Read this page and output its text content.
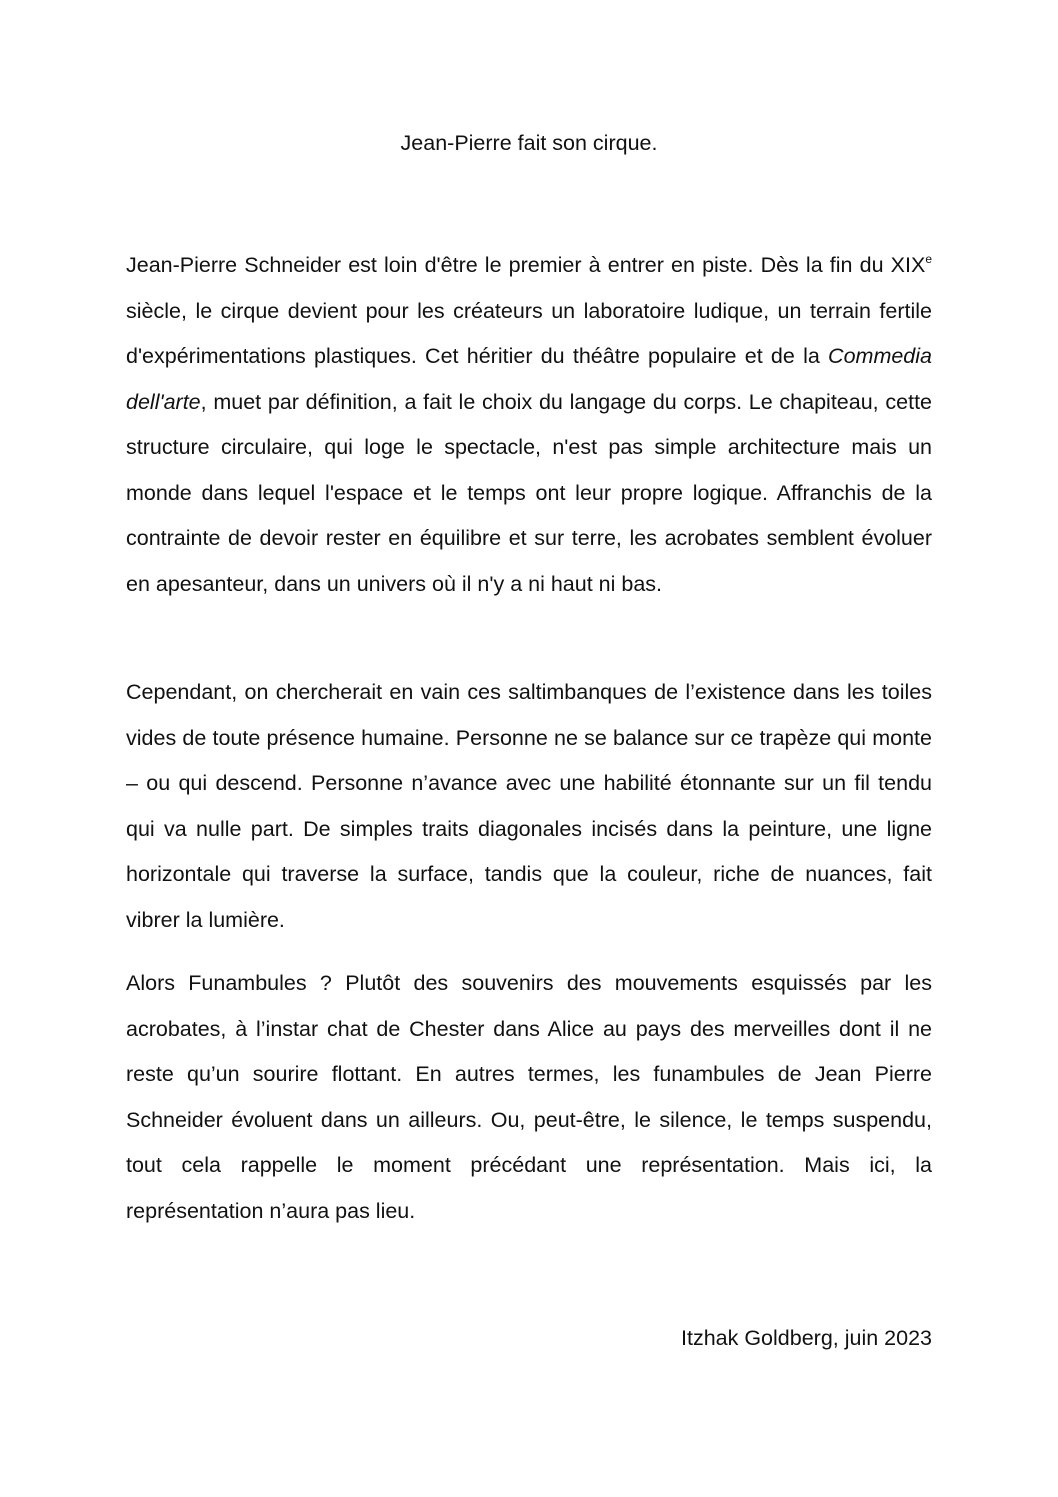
Jean-Pierre fait son cirque.

Jean-Pierre Schneider est loin d'être le premier à entrer en piste. Dès la fin du XIXe siècle, le cirque devient pour les créateurs un laboratoire ludique, un terrain fertile d'expérimentations plastiques. Cet héritier du théâtre populaire et de la Commedia dell'arte, muet par définition, a fait le choix du langage du corps. Le chapiteau, cette structure circulaire, qui loge le spectacle, n'est pas simple architecture mais un monde dans lequel l'espace et le temps ont leur propre logique. Affranchis de la contrainte de devoir rester en équilibre et sur terre, les acrobates semblent évoluer en apesanteur, dans un univers où il n'y a ni haut ni bas.

Cependant, on chercherait en vain ces saltimbanques de l’existence dans les toiles vides de toute présence humaine. Personne ne se balance sur ce trapèze qui monte – ou qui descend. Personne n’avance avec une habilité étonnante sur un fil tendu qui va nulle part. De simples traits diagonales incisés dans la peinture, une ligne horizontale qui traverse la surface, tandis que la couleur, riche de nuances, fait vibrer la lumière.

Alors Funambules ? Plutôt des souvenirs des mouvements esquissés par les acrobates, à l’instar chat de Chester dans Alice au pays des merveilles dont il ne reste qu’un sourire flottant. En autres termes, les funambules de Jean Pierre Schneider évoluent dans un ailleurs. Ou, peut-être, le silence, le temps suspendu, tout cela rappelle le moment précédant une représentation. Mais ici, la représentation n’aura pas lieu.

Itzhak Goldberg, juin 2023
